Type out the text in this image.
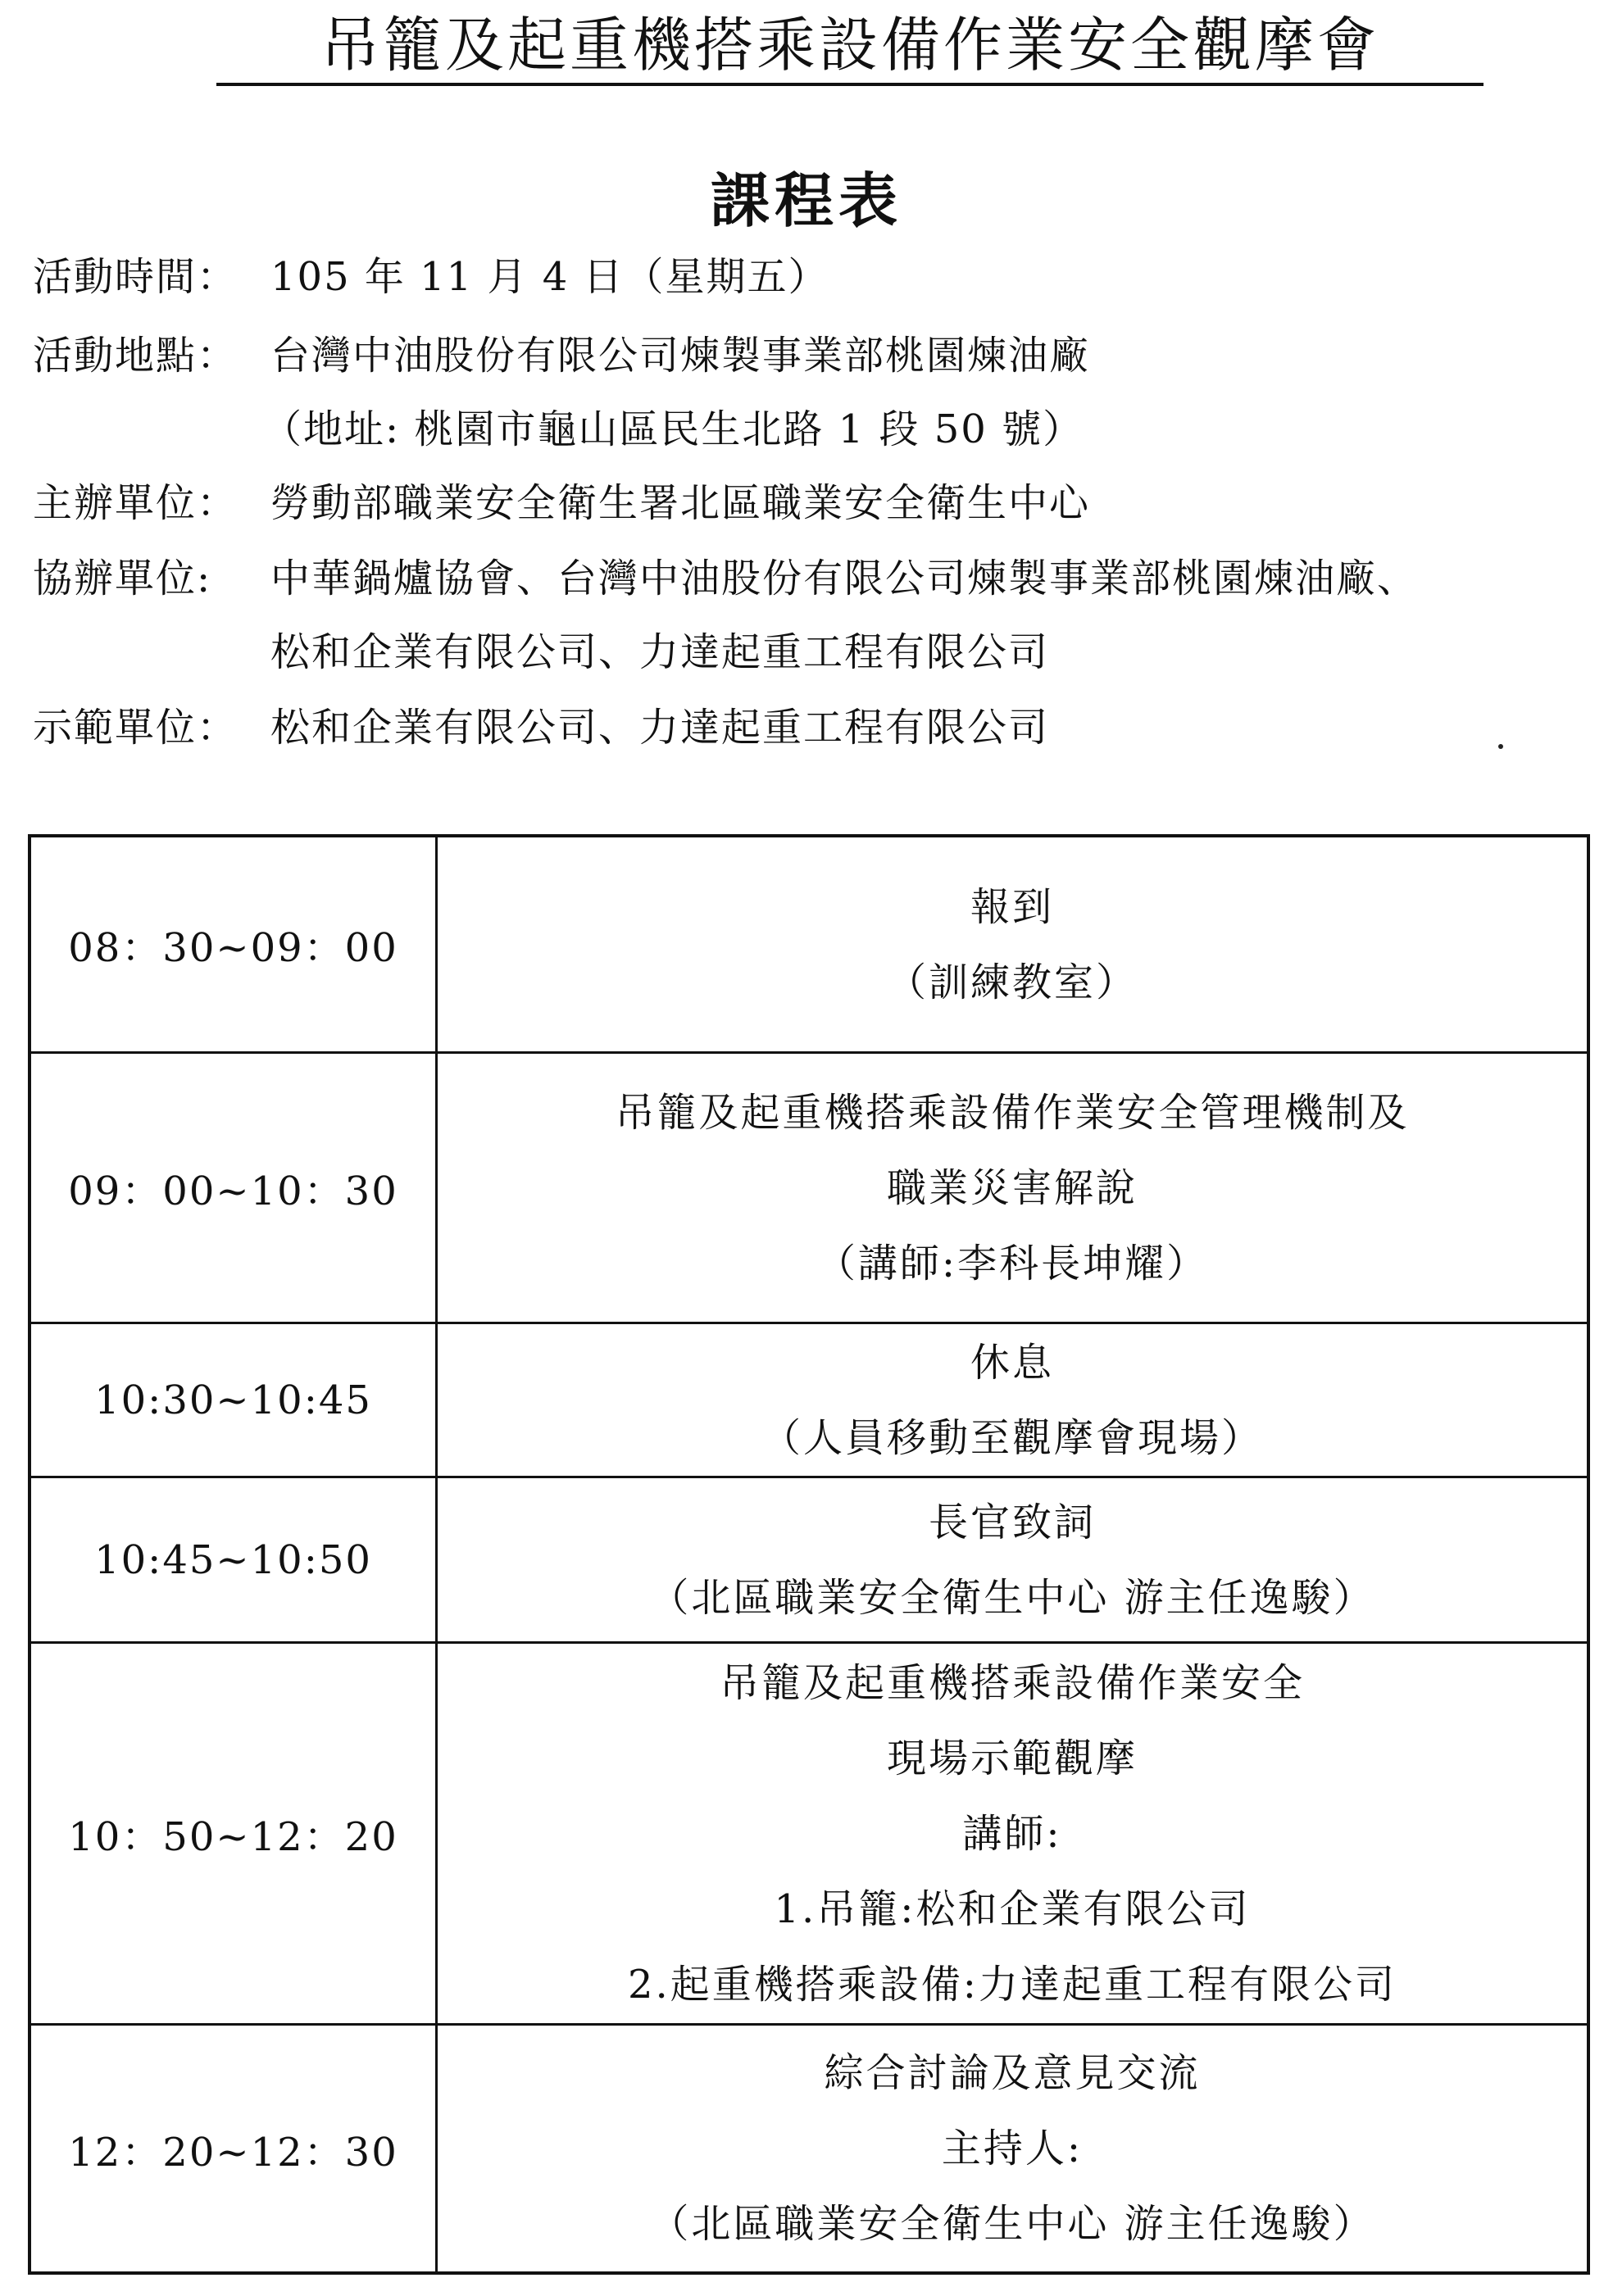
吊籠及起重機搭乘設備作業安全觀摩會
課程表
活動時間： 105 年 11 月 4 日（星期五）
活動地點： 台灣中油股份有限公司煉製事業部桃園煉油廠
（地址: 桃園市龜山區民生北路 1 段 50 號）
主辦單位： 勞動部職業安全衛生署北區職業安全衛生中心
協辦單位: 中華鍋爐協會、台灣中油股份有限公司煉製事業部桃園煉油廠、
松和企業有限公司、力達起重工程有限公司
示範單位： 松和企業有限公司、力達起重工程有限公司
08：30~09：00
報到
（訓練教室）
09：00~10：30
吊籠及起重機搭乘設備作業安全管理機制及
職業災害解說
（講師:李科長坤耀）
10:30~10:45
休息
（人員移動至觀摩會現場）
10:45~10:50
長官致詞
（北區職業安全衛生中心 游主任逸駿）
10：50~12：20
吊籠及起重機搭乘設備作業安全
現場示範觀摩
講師:
1.吊籠:松和企業有限公司
2.起重機搭乘設備:力達起重工程有限公司
12：20~12：30
綜合討論及意見交流
主持人:
（北區職業安全衛生中心 游主任逸駿）
